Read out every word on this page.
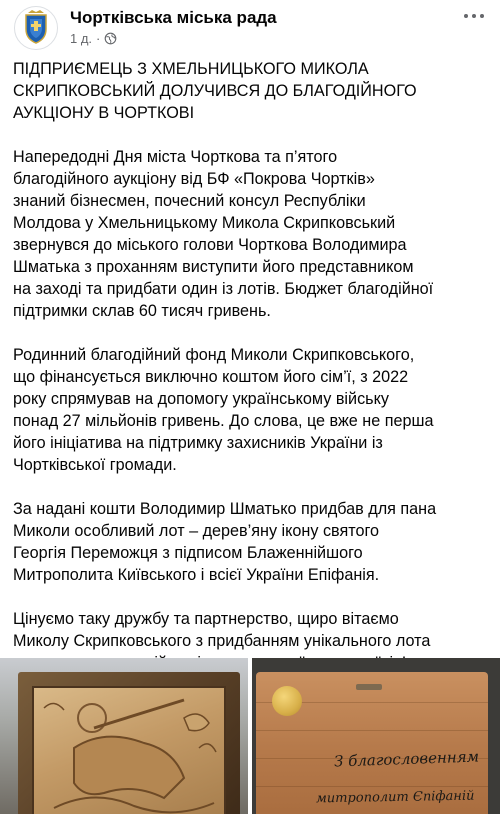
Чортківська міська рада
1 д. ·

ПІДПРИЄМЕЦЬ З ХМЕЛЬНИЦЬКОГО МИКОЛА
СКРИПКОВСЬКИЙ ДОЛУЧИВСЯ ДО БЛАГОДІЙНОГО
АУКЦІОНУ В ЧОРТКОВІ

Напередодні Дня міста Чорткова та п’ятого
благодійного аукціону від БФ «Покрова Чортків»
знаний бізнесмен, почесний консул Республіки
Молдова у Хмельницькому Микола Скрипковський
звернувся до міського голови Чорткова Володимира
Шматька з проханням виступити його представником
на заході та придбати один із лотів. Бюджет благодійної
підтримки склав 60 тисяч гривень.

Родинний благодійний фонд Миколи Скрипковського,
що фінансується виключно коштом його сім’ї, з 2022
року спрямував на допомогу українському війську
понад 27 мільйонів гривень. До слова, це вже не перша
його ініціатива на підтримку захисників України із
Чортківської громади.

За надані кошти Володимир Шматько придбав для пана
Миколи особливий лот – дерев’яну ікону святого
Георгія Переможця з підписом Блаженнійшого
Митрополита Київського і всієї України Епіфанія.

Цінуємо таку дружбу та партнерство, щиро вітаємо
Миколу Скрипковського з придбанням унікального лота

З благословенням
митрополит Єпіфаній
